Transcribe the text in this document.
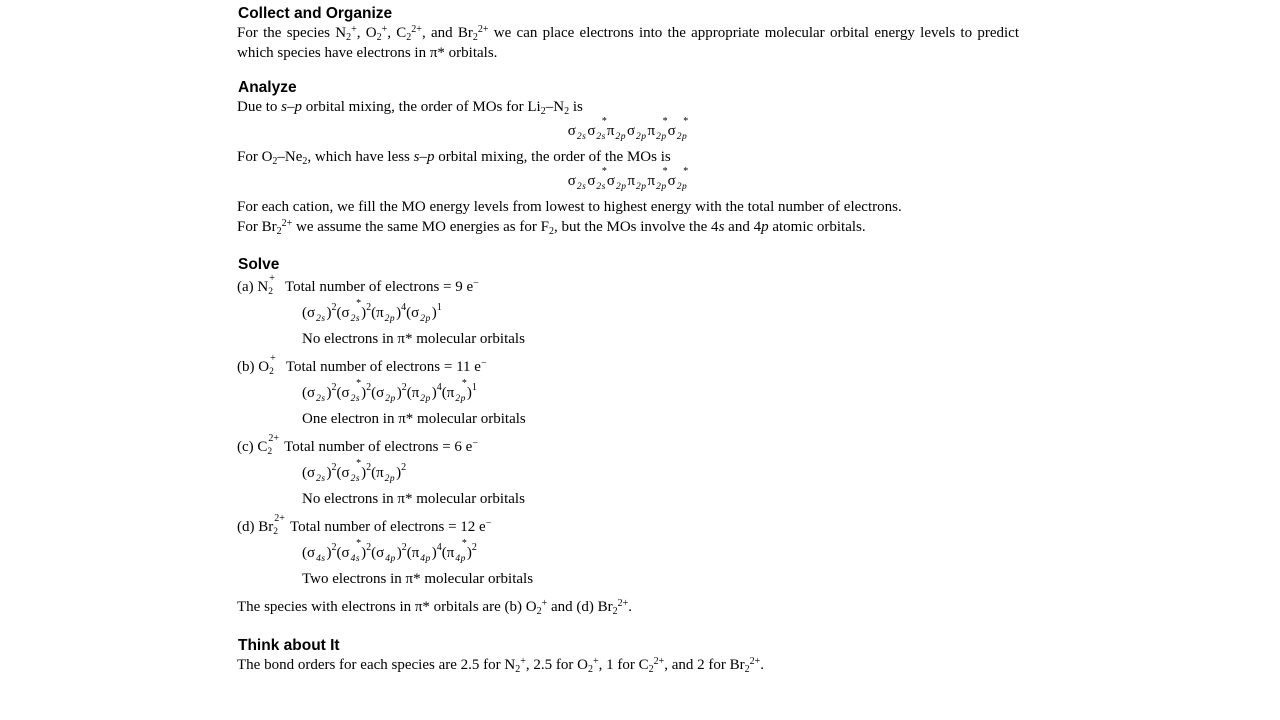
Collect and Organize

For the species $N_2^+$, $O_2^+$, $C_2^{2+}$, and $Br_2^{2+}$ we can place electrons into the appropriate molecular orbital energy levels to predict which species have electrons in π* orbitals.

Analyze

Due to s–p orbital mixing, the order of MOs for $Li_2-N_2$ is

$\sigma_{2s}\sigma$
*
$_{2s}\pi_{2p}\sigma_{2p}\pi$
*
$_{2p}$σ
*
$_{2p}$

For $O_2-Ne_2$, which have less s–p orbital mixing, the order of the MOs is

$\sigma_{2s}\sigma$
*
$_{2s}\sigma_{2p}\pi_{2p}\pi$
*
$_{2p}$σ
*
$_{2p}$

For each cation, we fill the MO energy levels from lowest to highest energy with the total number of electrons.

For $Br_2^{2+}$ we assume the same MO energies as for $F_2$, but the MOs involve the 4s and 4p atomic orbitals.

Solve
(a) N
+
$_2$ Total number of electrons = 9 e−
$(\sigma_{2s})^2(\sigma$
*
$_{2s})^2(\pi_{2p})^4(\sigma_{2p})^1$

No electrons in π* molecular orbitals

(b) O
+
$_2$ Total number of electrons = 11 e−
$(\sigma_{2s})^2(\sigma$
*
$_{2s})^2(\sigma_{2p})^2(\pi_{2p})^4(\pi$
*
$_{2p}$)$^1$

One electron in π* molecular orbitals

(c) C
2+
$_2$ Total number of electrons = 6 e−
$(\sigma_{2s})^2(\sigma$
*
$_{2s})^2(\pi_{2p})^2$

No electrons in π* molecular orbitals

(d) Br
2+
$_2$ Total number of electrons = 12 e−
$(\sigma_{4s})^2(\sigma$
*
$_{4s})^2(\sigma_{4p})^2(\pi_{4p})^4(\pi$
*
$_{4p}$)$^2$

Two electrons in π* molecular orbitals

The species with electrons in π* orbitals are (b) $O_2^+$ and (d) $Br_2^{2+}$.

Think about It

The bond orders for each species are 2.5 for $N_2^+$, 2.5 for $O_2^+$, 1 for $C_2^{2+}$, and 2 for $Br_2^{2+}$.
